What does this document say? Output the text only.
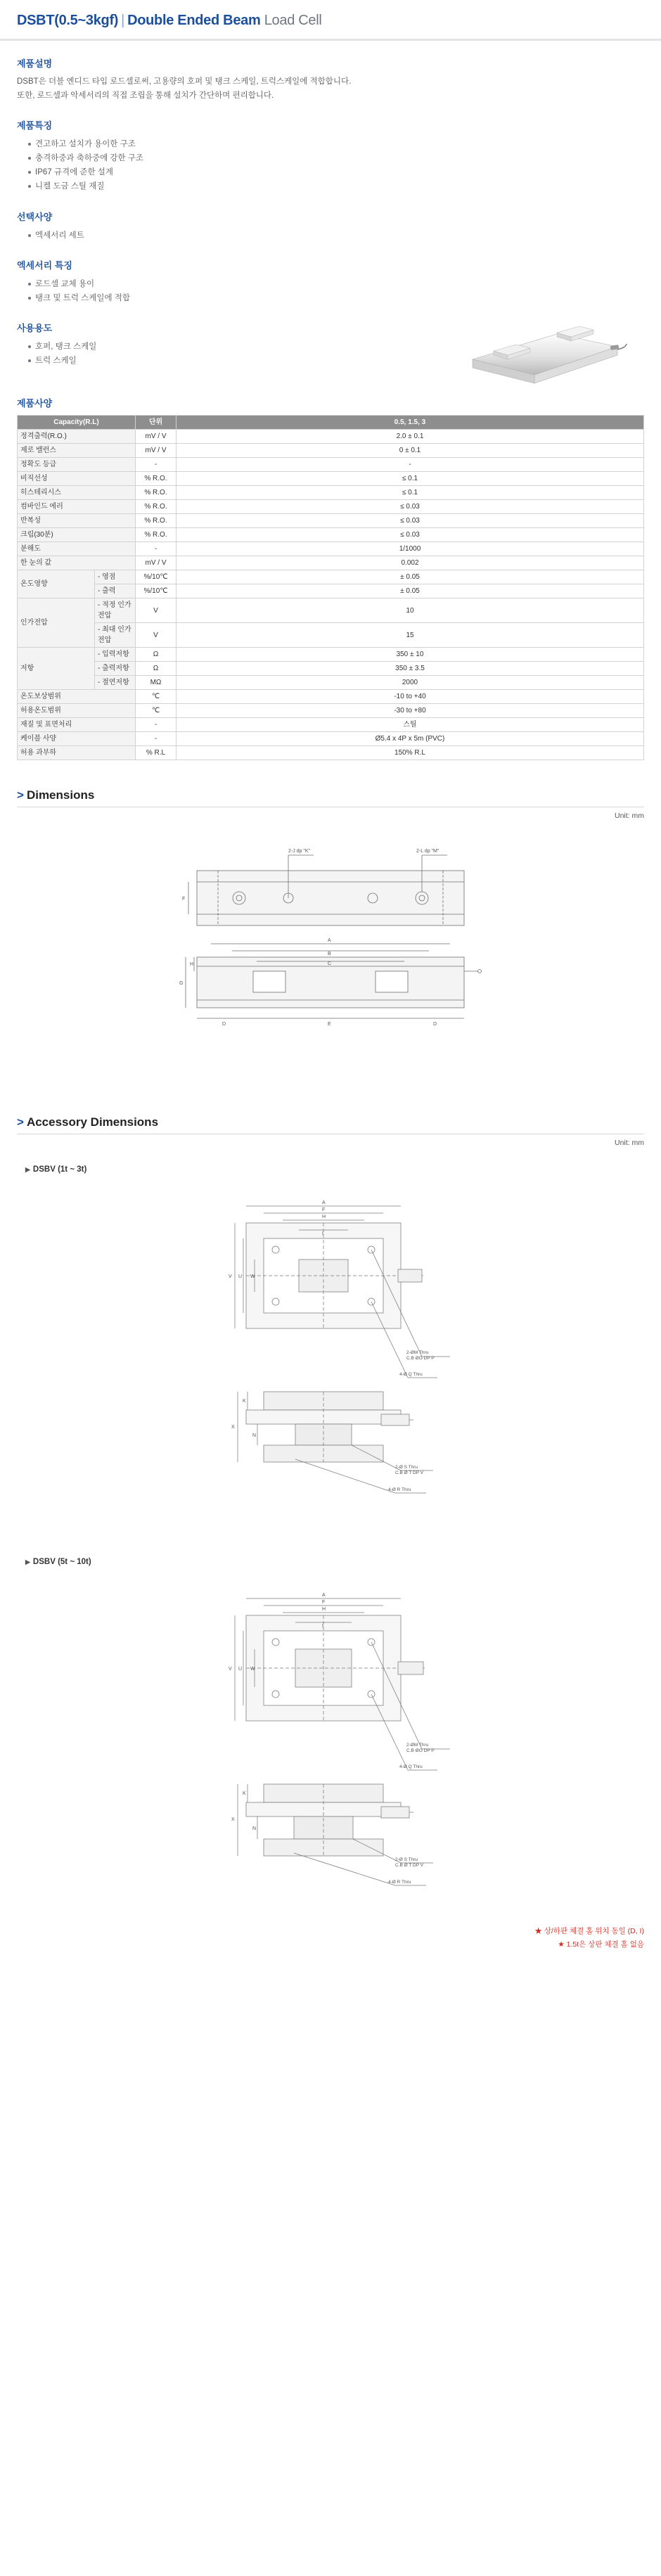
DSBT(0.5~3kgf) | Double Ended Beam Load Cell
제품설명
DSBT은 더블 엔디드 타입 로드셀로써, 고용량의 호퍼 및 탱크 스케일, 트럭스케일에 적합합니다.
또한, 로드셀과 악세서리의 직접 조립을 통해 설치가 간단하며 편리합니다.
제품특징
견고하고 설치가 용이한 구조
충격하중과 축하중에 강한 구조
IP67 규격에 준한 설계
니켈 도금 스틸 재질
선택사양
엑세서리 세트
엑세서리 특징
로드셀 교체 용이
탱크 및 트럭 스케일에 적합
사용용도
호퍼, 탱크 스케일
트럭 스케일
제품사양
Capacity(R.L)		단위	0.5, 1.5, 3
정격출력(R.O.)		mV / V	2.0 ± 0.1
제로 밸런스		mV / V	0 ± 0.1
정확도 등급		-	-
비직선성		% R.O.	≤ 0.1
히스테리시스		% R.O.	≤ 0.1
컴바인드 에러		% R.O.	≤ 0.03
반복성		% R.O.	≤ 0.03
크립(30분)		% R.O.	≤ 0.03
분해도		-	1/1000
한 눈의 값		mV / V	0.002
온도영향	- 영점	%/10℃	± 0.05
	- 출력	%/10℃	± 0.05
인가전압	- 적정 인가전압	V	10
	- 최대 인가전압	V	15
저항	- 입력저항	Ω	350 ± 10
	- 출력저항	Ω	350 ± 3.5
	- 절연저항	MΩ	2000
온도보상범위		℃	-10 to +40
허용온도범위		℃	-30 to +80
재질 및 표면처리		-	스틸
케이블 사양		-	Ø5.4 x 4P x 5m (PVC)
허용 과부하		% R.L	150% R.L
> Dimensions
Unit: mm
2-J dp "K"	2-L dp "M"
F
A
B
C
D	E	D
G
H
> Accessory Dimensions
Unit: mm
▶ DSBV (1t ~ 3t)
A
F
H
I
V U W
2-ØM Thru
C.B ØO DP P
4-Ø Q Thru
X
K
N
2-Ø S Thru
C.B Ø T DP V
4-Ø R Thru
▶ DSBV (5t ~ 10t)
A
F
H
I
V U W
2-ØM Thru
C.B ØO DP P
4-Ø Q Thru
X
K
N
2-Ø S Thru
C.B Ø T DP V
4-Ø R Thru
★ 상/하판 체결 홀 위치 동일 (D, I)
★ 1.5t은 상판 체결 홀 없음
